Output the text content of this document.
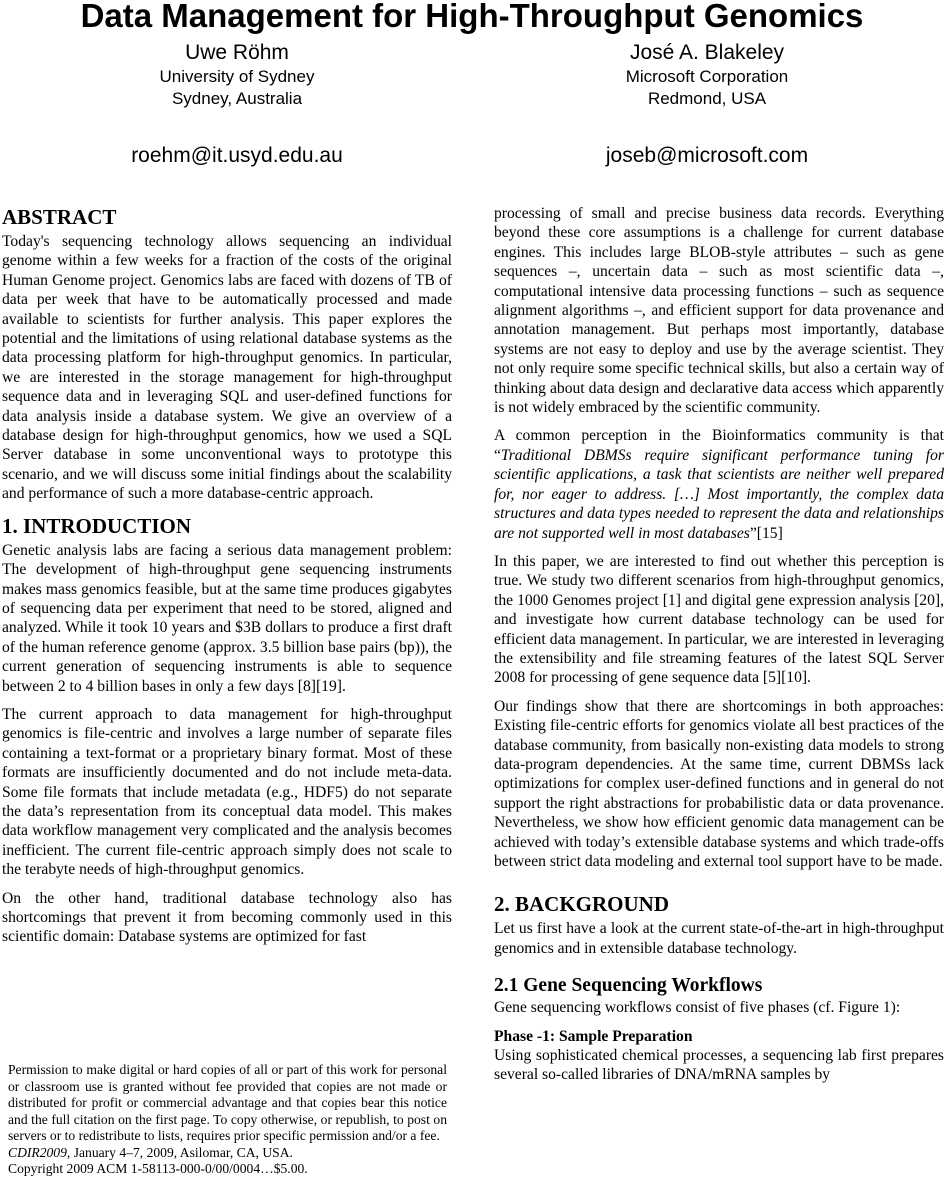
Data Management for High-Throughput Genomics
Uwe Röhm
University of Sydney
Sydney, Australia
roehm@it.usyd.edu.au
José A. Blakeley
Microsoft Corporation
Redmond, USA
joseb@microsoft.com
ABSTRACT

Today's sequencing technology allows sequencing an individual genome within a few weeks for a fraction of the costs of the original Human Genome project. Genomics labs are faced with dozens of TB of data per week that have to be automatically processed and made available to scientists for further analysis. This paper explores the potential and the limitations of using relational database systems as the data processing platform for high-throughput genomics. In particular, we are interested in the storage management for high-throughput sequence data and in leveraging SQL and user-defined functions for data analysis inside a database system. We give an overview of a database design for high-throughput genomics, how we used a SQL Server database in some unconventional ways to prototype this scenario, and we will discuss some initial findings about the scalability and performance of such a more database-centric approach.

1. INTRODUCTION

Genetic analysis labs are facing a serious data management problem: The development of high-throughput gene sequencing instruments makes mass genomics feasible, but at the same time produces gigabytes of sequencing data per experiment that need to be stored, aligned and analyzed. While it took 10 years and $3B dollars to produce a first draft of the human reference genome (approx. 3.5 billion base pairs (bp)), the current generation of sequencing instruments is able to sequence between 2 to 4 billion bases in only a few days [8][19].

The current approach to data management for high-throughput genomics is file-centric and involves a large number of separate files containing a text-format or a proprietary binary format. Most of these formats are insufficiently documented and do not include meta-data. Some file formats that include metadata (e.g., HDF5) do not separate the data’s representation from its conceptual data model. This makes data workflow management very complicated and the analysis becomes inefficient. The current file-centric approach simply does not scale to the terabyte needs of high-throughput genomics.

On the other hand, traditional database technology also has shortcomings that prevent it from becoming commonly used in this scientific domain: Database systems are optimized for fast

Permission to make digital or hard copies of all or part of this work for personal or classroom use is granted without fee provided that copies are not made or distributed for profit or commercial advantage and that copies bear this notice and the full citation on the first page. To copy otherwise, or republish, to post on servers or to redistribute to lists, requires prior specific permission and/or a fee.

CDIR2009, January 4–7, 2009, Asilomar, CA, USA.

Copyright 2009 ACM 1-58113-000-0/00/0004…$5.00.

processing of small and precise business data records. Everything beyond these core assumptions is a challenge for current database engines. This includes large BLOB-style attributes – such as gene sequences –, uncertain data – such as most scientific data –, computational intensive data processing functions – such as sequence alignment algorithms –, and efficient support for data provenance and annotation management. But perhaps most importantly, database systems are not easy to deploy and use by the average scientist. They not only require some specific technical skills, but also a certain way of thinking about data design and declarative data access which apparently is not widely embraced by the scientific community.

A common perception in the Bioinformatics community is that “Traditional DBMSs require significant performance tuning for scientific applications, a task that scientists are neither well prepared for, nor eager to address. […] Most importantly, the complex data structures and data types needed to represent the data and relationships are not supported well in most databases”[15]

In this paper, we are interested to find out whether this perception is true. We study two different scenarios from high-throughput genomics, the 1000 Genomes project [1] and digital gene expression analysis [20], and investigate how current database technology can be used for efficient data management. In particular, we are interested in leveraging the extensibility and file streaming features of the latest SQL Server 2008 for processing of gene sequence data [5][10].

Our findings show that there are shortcomings in both approaches: Existing file-centric efforts for genomics violate all best practices of the database community, from basically non-existing data models to strong data-program dependencies. At the same time, current DBMSs lack optimizations for complex user-defined functions and in general do not support the right abstractions for probabilistic data or data provenance. Nevertheless, we show how efficient genomic data management can be achieved with today’s extensible database systems and which trade-offs between strict data modeling and external tool support have to be made.

2. BACKGROUND

Let us first have a look at the current state-of-the-art in high-throughput genomics and in extensible database technology.

2.1 Gene Sequencing Workflows

Gene sequencing workflows consist of five phases (cf. Figure 1):

Phase -1: Sample Preparation

Using sophisticated chemical processes, a sequencing lab first prepares several so-called libraries of DNA/mRNA samples by
